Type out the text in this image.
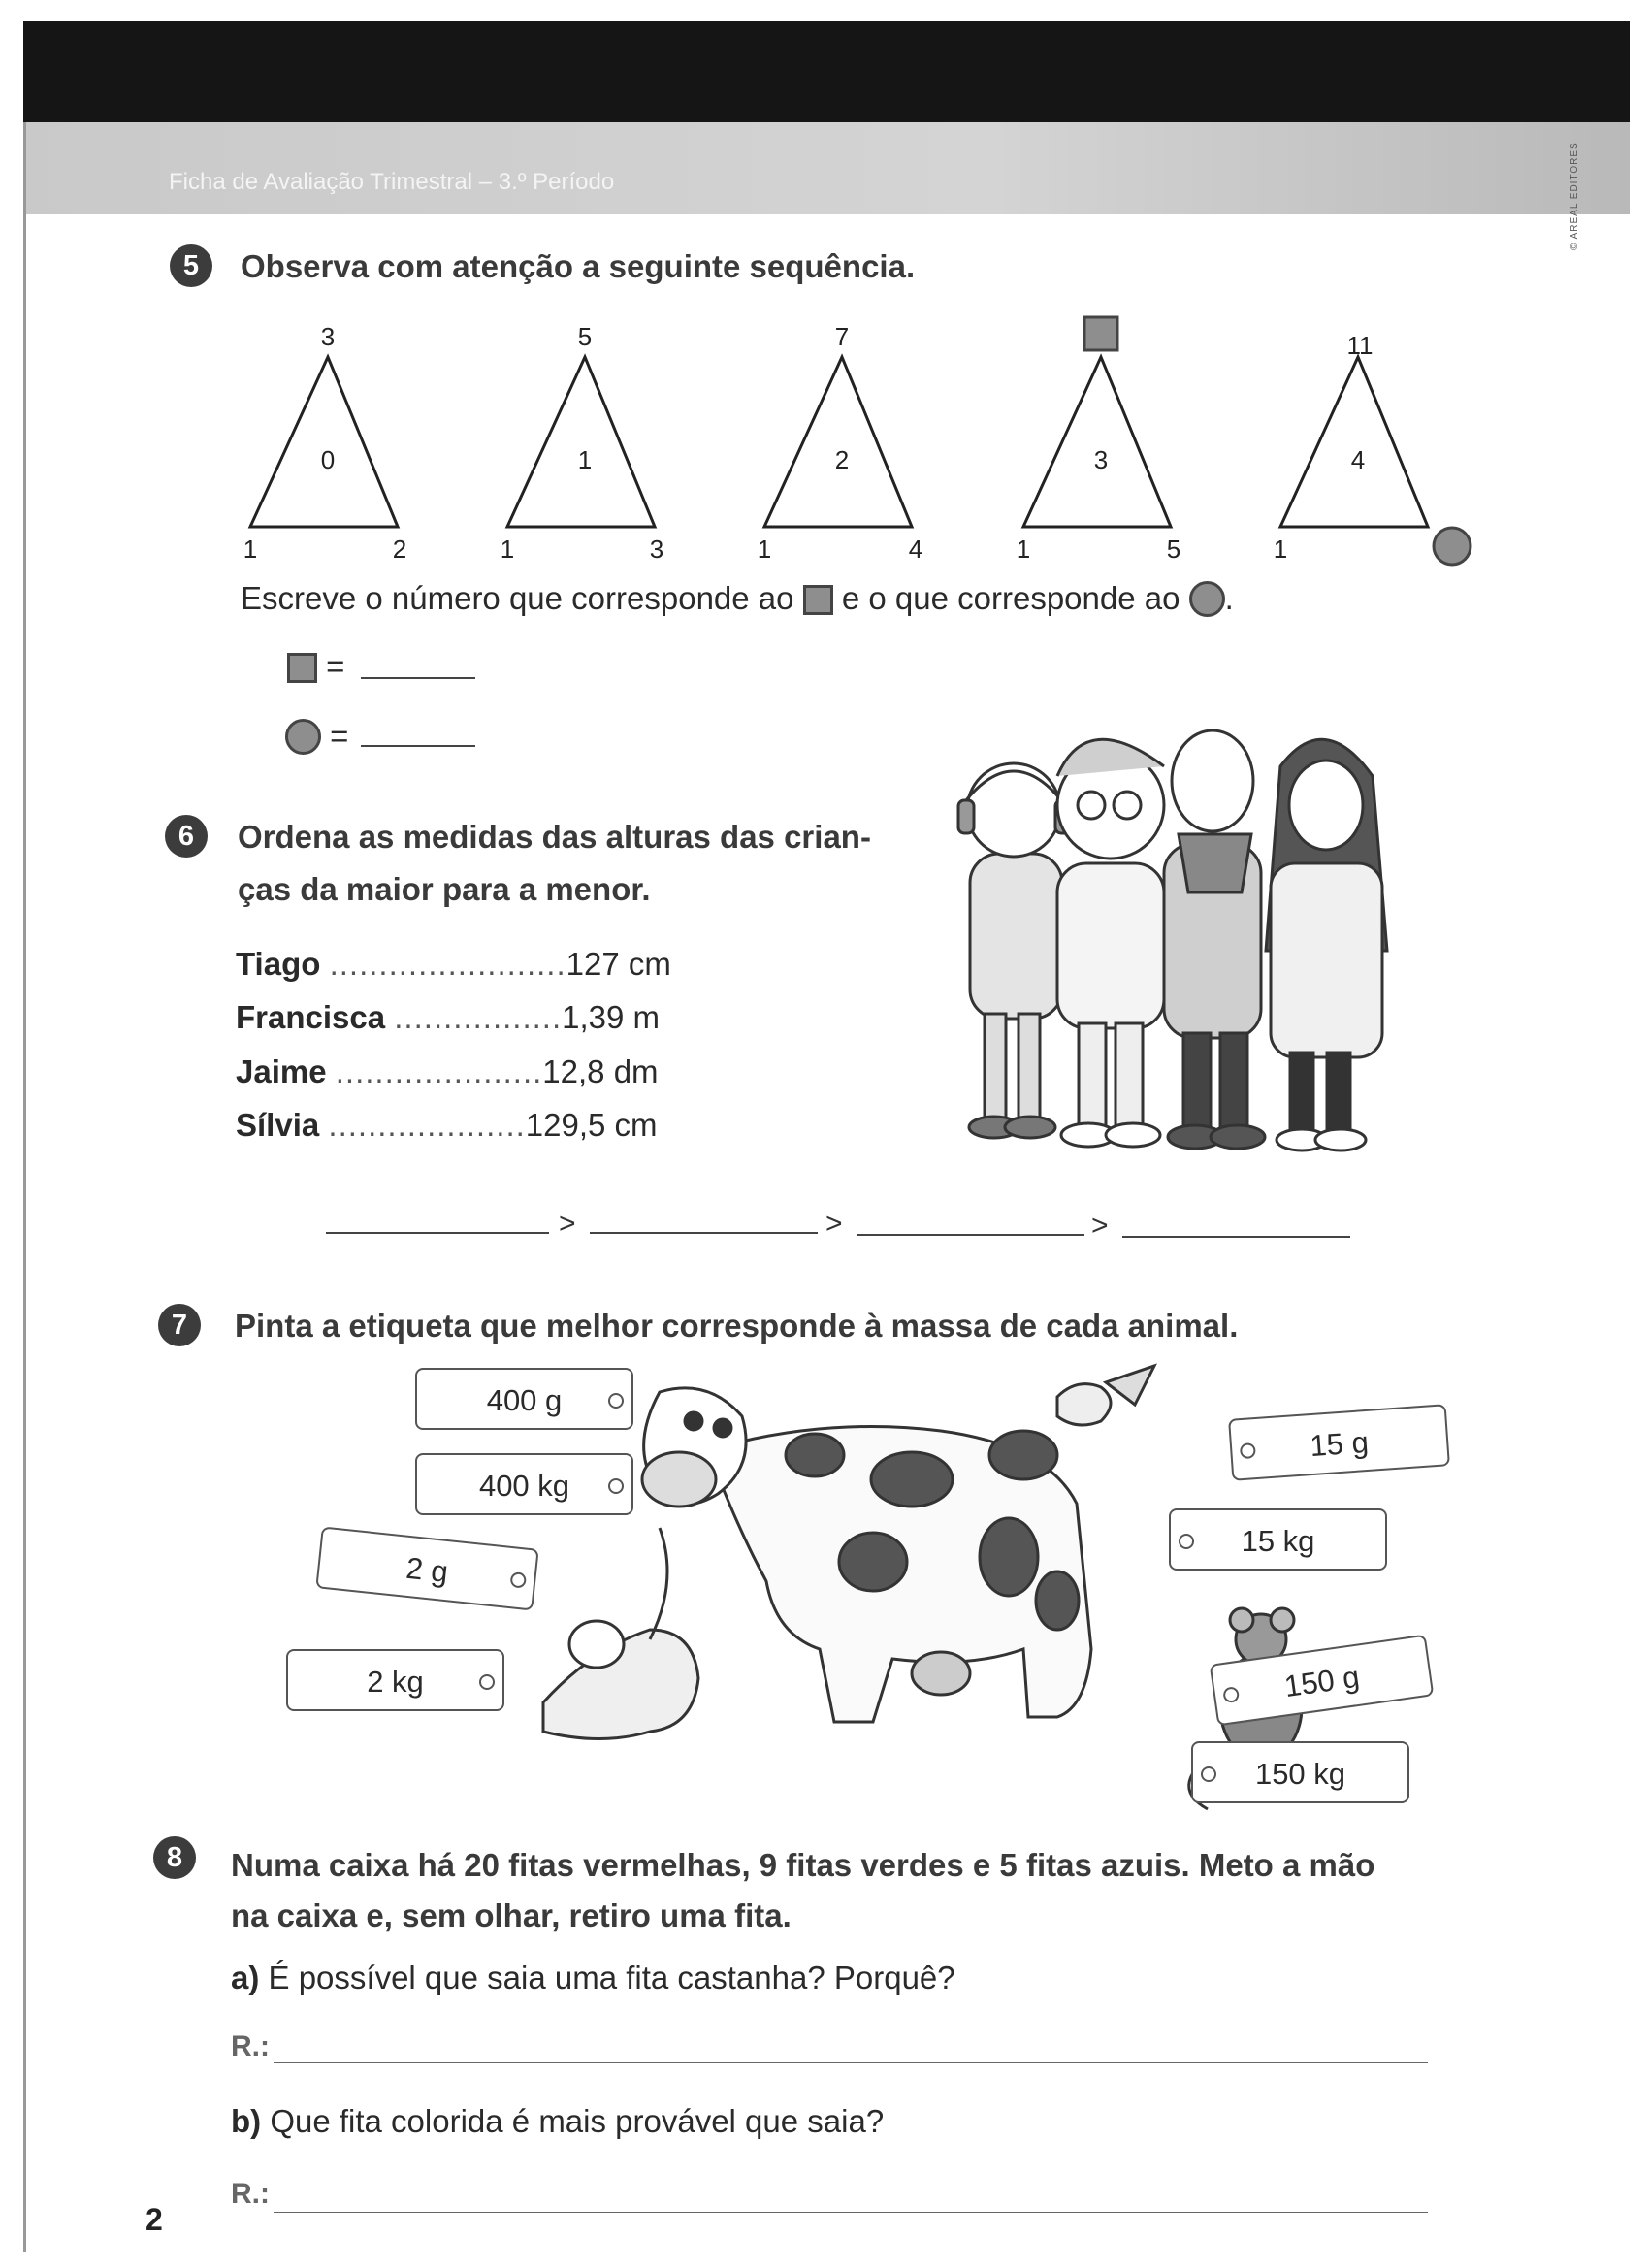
Ficha de Avaliação Trimestral – 3.º Período	© AREAL EDITORES
5	Observa com atenção a seguinte sequência.
3
0
1	2
5
1
1	3
7
2
1	4
3
1	5
11
4
1
Escreve o número que corresponde ao e o que corresponde ao .
=
=
6	Ordena as medidas das alturas das crian-
ças da maior para a menor.
Tiago ........................127 cm
Francisca .................1,39 m
Jaime .....................12,8 dm
Sílvia ....................129,5 cm
>	>	>
7	Pinta a etiqueta que melhor corresponde à massa de cada animal.
400 g
400 kg
2 g
2 kg
15 g
15 kg
150 g
150 kg
8	Numa caixa há 20 fitas vermelhas, 9 fitas verdes e 5 fitas azuis. Meto a mão
na caixa e, sem olhar, retiro uma fita.
a) É possível que saia uma fita castanha? Porquê?
R.:
b) Que fita colorida é mais provável que saia?
R.:
2
